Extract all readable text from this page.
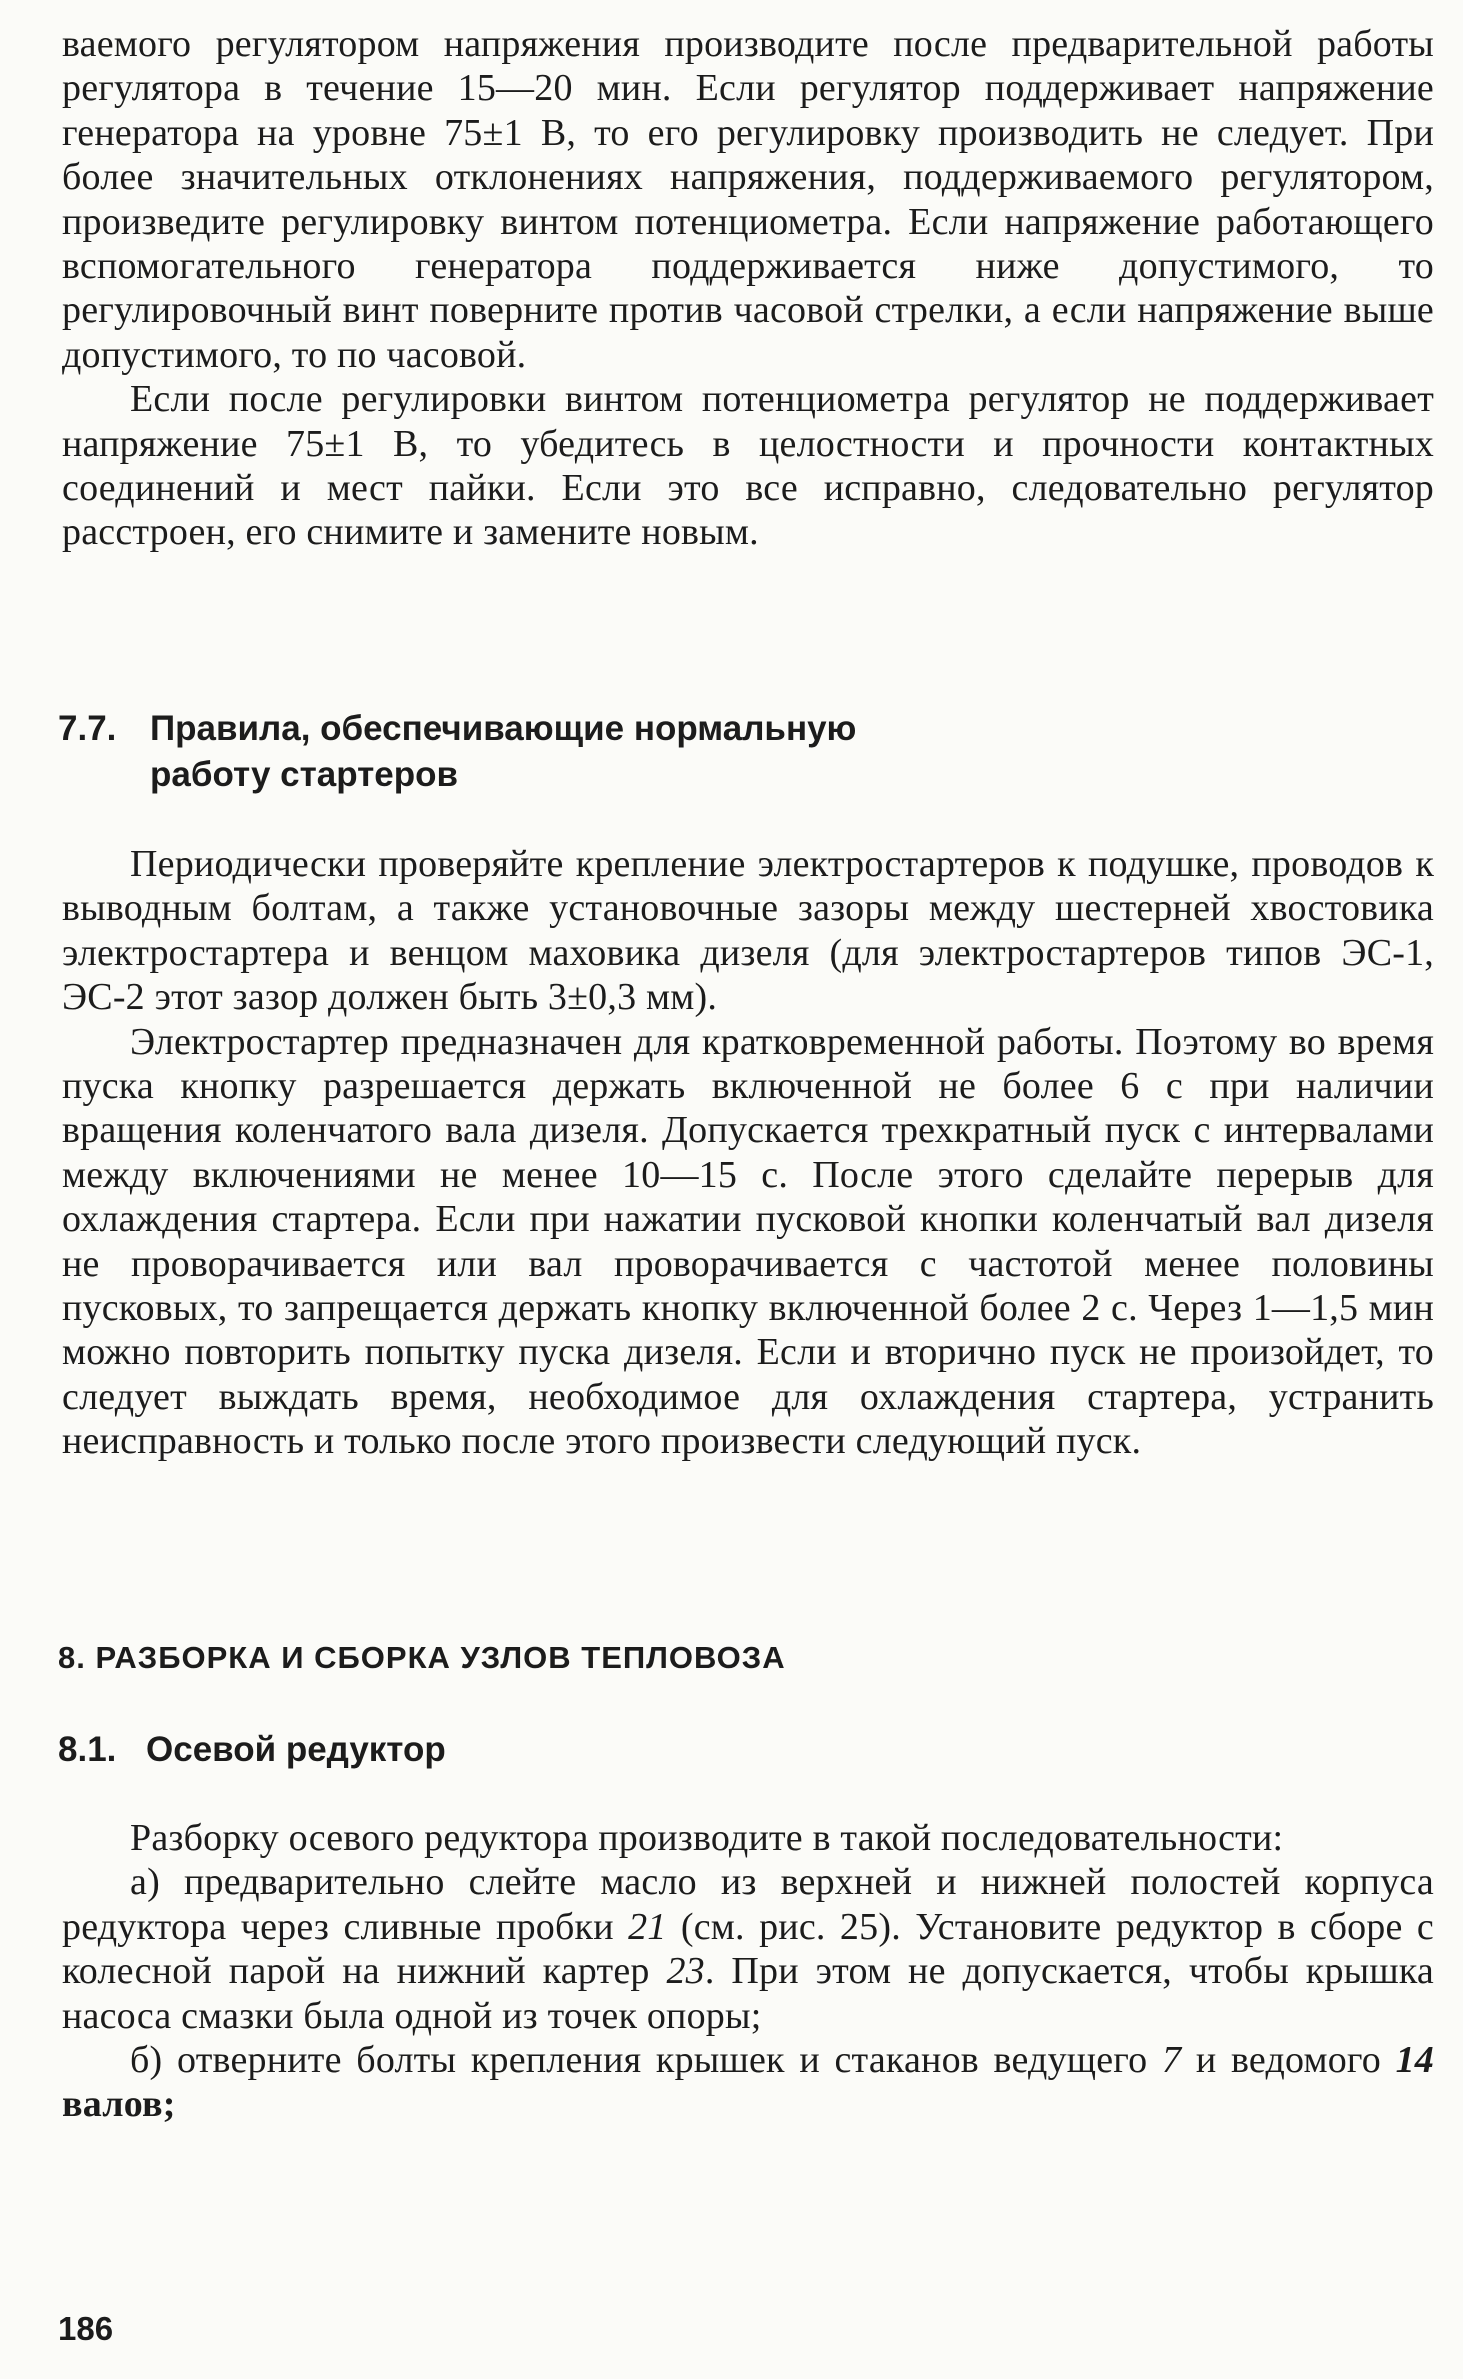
ваемого регулятором напряжения производите после предварительной работы регулятора в течение 15—20 мин. Если регулятор поддерживает напряжение генератора на уровне 75±1 В, то его регулировку производить не следует. При более значительных отклонениях напряжения, поддерживаемого регулятором, произведите регулировку винтом потенциометра. Если напряжение работающего вспомогательного генератора поддерживается ниже допустимого, то регулировочный винт поверните против часовой стрелки, а если напряжение выше допустимого, то по часовой.

Если после регулировки винтом потенциометра регулятор не поддерживает напряжение 75±1 В, то убедитесь в целостности и прочности контактных соединений и мест пайки. Если это все исправно, следовательно регулятор расстроен, его снимите и замените новым.

7.7. Правила, обеспечивающие нормальную
работу стартеров

Периодически проверяйте крепление электростартеров к подушке, проводов к выводным болтам, а также установочные зазоры между шестерней хвостовика электростартера и венцом маховика дизеля (для электростартеров типов ЭС-1, ЭС-2 этот зазор должен быть 3±0,3 мм).

Электростартер предназначен для кратковременной работы. Поэтому во время пуска кнопку разрешается держать включенной не более 6 с при наличии вращения коленчатого вала дизеля. Допускается трехкратный пуск с интервалами между включениями не менее 10—15 с. После этого сделайте перерыв для охлаждения стартера. Если при нажатии пусковой кнопки коленчатый вал дизеля не проворачивается или вал проворачивается с частотой менее половины пусковых, то запрещается держать кнопку включенной более 2 с. Через 1—1,5 мин можно повторить попытку пуска дизеля. Если и вторично пуск не произойдет, то следует выждать время, необходимое для охлаждения стартера, устранить неисправность и только после этого произвести следующий пуск.

8. РАЗБОРКА И СБОРКА УЗЛОВ ТЕПЛОВОЗА

8.1. Осевой редуктор

Разборку осевого редуктора производите в такой последовательности:

а) предварительно слейте масло из верхней и нижней полостей корпуса редуктора через сливные пробки 21 (см. рис. 25). Установите редуктор в сборе с колесной парой на нижний картер 23. При этом не допускается, чтобы крышка насоса смазки была одной из точек опоры;

б) отверните болты крепления крышек и стаканов ведущего 7 и ведомого 14 валов;

186
